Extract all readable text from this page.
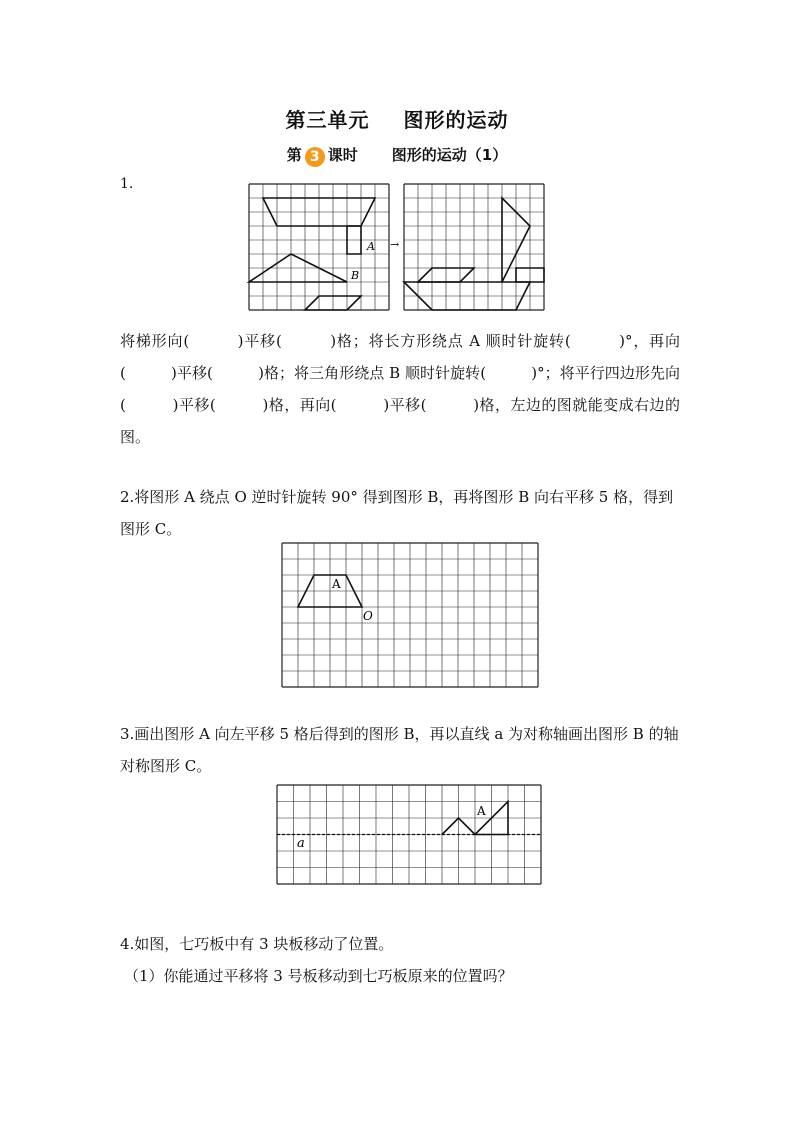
第三单元 图形的运动
第 3 课时 图形的运动（1）
1.
A
B
→
将梯形向(　　　)平移(　　　)格；将长方形绕点 A 顺时针旋转(　　　)°，再向(　　　)平移(　　　)格；将三角形绕点 B 顺时针旋转(　　　)°；将平行四边形先向(　　　)平移(　　　)格，再向(　　　)平移(　　　)格，左边的图就能变成右边的图。
2.将图形 A 绕点 O 逆时针旋转 90° 得到图形 B，再将图形 B 向右平移 5 格，得到图形 C。
A
O
3.画出图形 A 向左平移 5 格后得到的图形 B，再以直线 a 为对称轴画出图形 B 的轴对称图形 C。
A
a
4.如图，七巧板中有 3 块板移动了位置。
（1）你能通过平移将 3 号板移动到七巧板原来的位置吗？
